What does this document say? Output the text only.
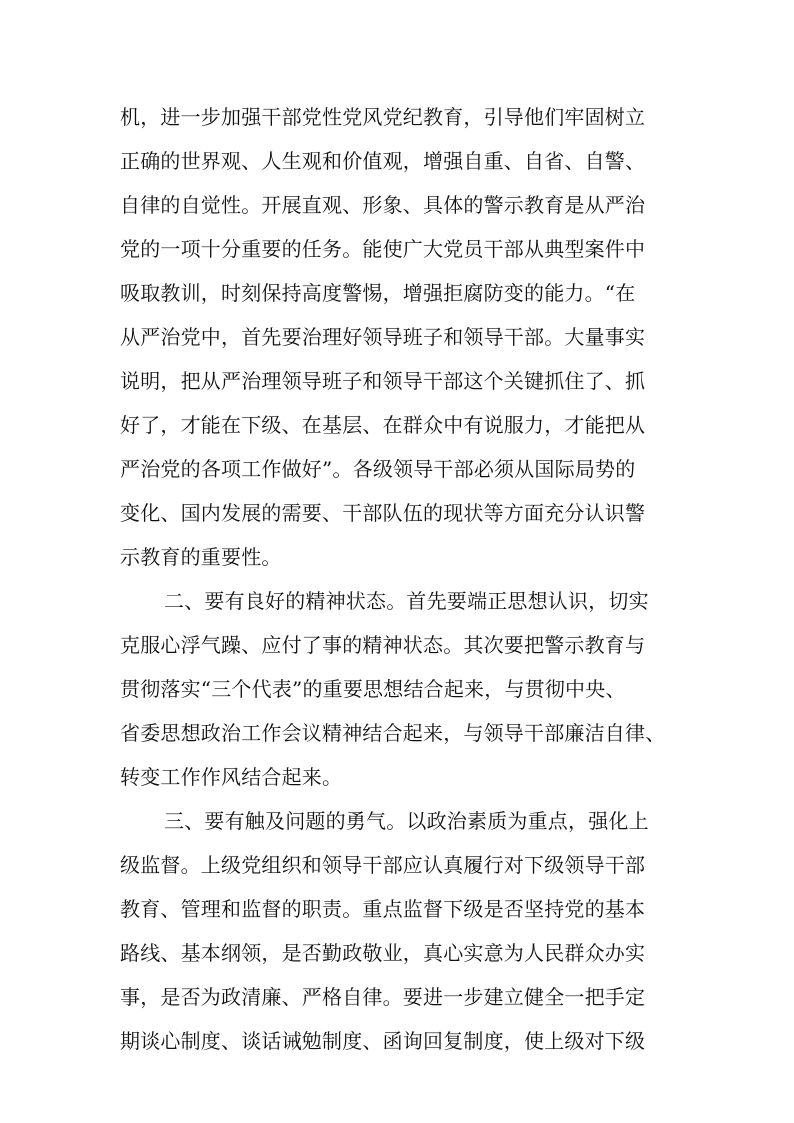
机，进一步加强干部党性党风党纪教育，引导他们牢固树立

正确的世界观、人生观和价值观，增强自重、自省、自警、

自律的自觉性。开展直观、形象、具体的警示教育是从严治

党的一项十分重要的任务。能使广大党员干部从典型案件中

吸取教训，时刻保持高度警惕，增强拒腐防变的能力。“在

从严治党中，首先要治理好领导班子和领导干部。大量事实

说明，把从严治理领导班子和领导干部这个关键抓住了、抓

好了，才能在下级、在基层、在群众中有说服力，才能把从

严治党的各项工作做好”。各级领导干部必须从国际局势的

变化、国内发展的需要、干部队伍的现状等方面充分认识警

示教育的重要性。

二、要有良好的精神状态。首先要端正思想认识，切实

克服心浮气躁、应付了事的精神状态。其次要把警示教育与

贯彻落实“三个代表”的重要思想结合起来，与贯彻中央、

省委思想政治工作会议精神结合起来，与领导干部廉洁自律、

转变工作作风结合起来。

三、要有触及问题的勇气。以政治素质为重点，强化上

级监督。上级党组织和领导干部应认真履行对下级领导干部

教育、管理和监督的职责。重点监督下级是否坚持党的基本

路线、基本纲领，是否勤政敬业，真心实意为人民群众办实

事，是否为政清廉、严格自律。要进一步建立健全一把手定

期谈心制度、谈话诫勉制度、函询回复制度，使上级对下级
